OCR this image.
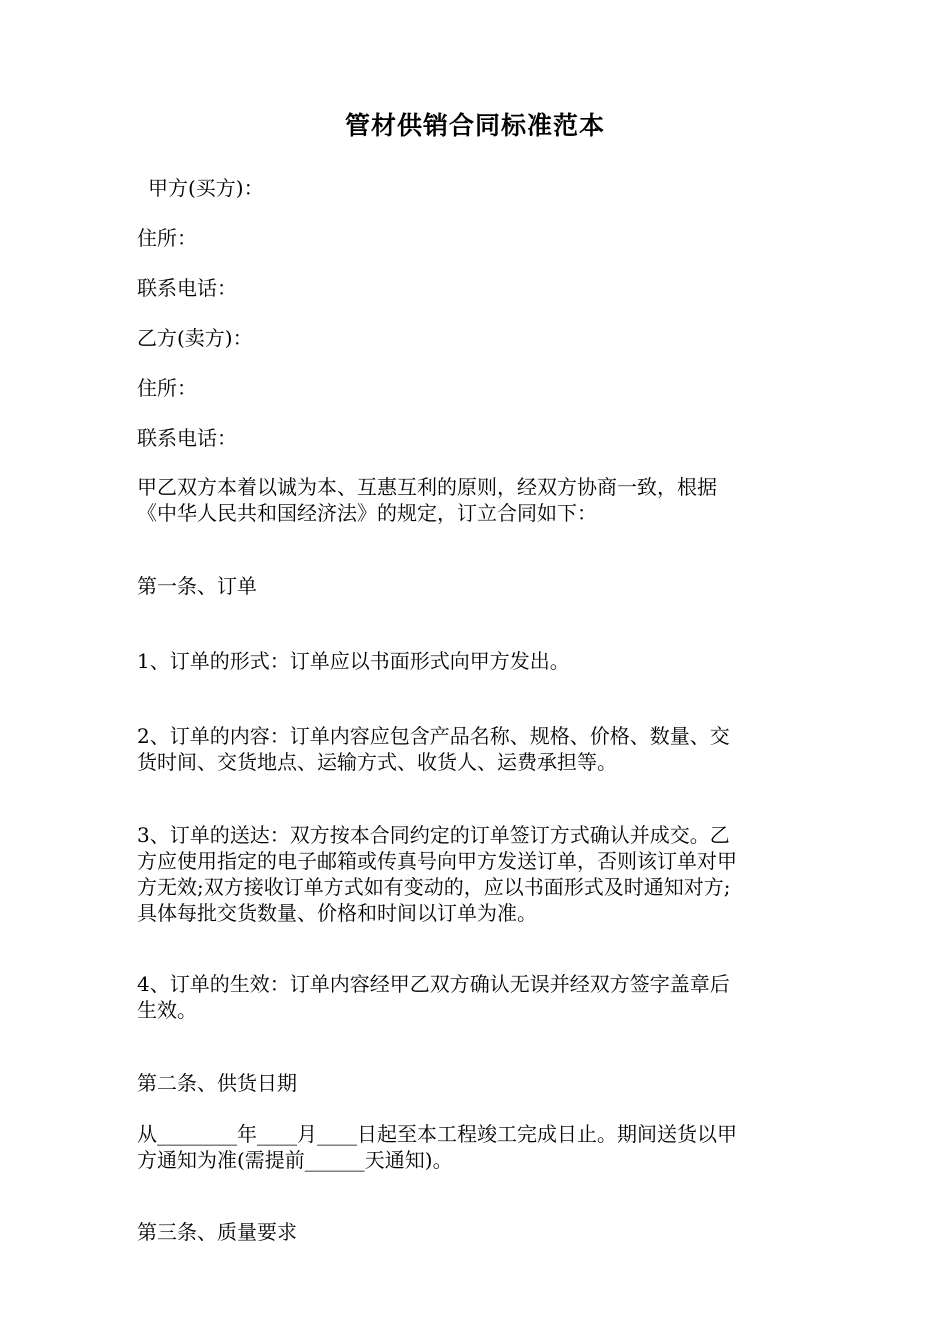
管材供销合同标准范本
甲方(买方)：
住所：
联系电话：
乙方(卖方)：
住所：
联系电话：
甲乙双方本着以诚为本、互惠互利的原则，经双方协商一致，根据
《中华人民共和国经济法》的规定，订立合同如下：
第一条、订单
1、订单的形式：订单应以书面形式向甲方发出。
2、订单的内容：订单内容应包含产品名称、规格、价格、数量、交
货时间、交货地点、运输方式、收货人、运费承担等。
3、订单的送达：双方按本合同约定的订单签订方式确认并成交。乙
方应使用指定的电子邮箱或传真号向甲方发送订单，否则该订单对甲
方无效;双方接收订单方式如有变动的，应以书面形式及时通知对方;
具体每批交货数量、价格和时间以订单为准。
4、订单的生效：订单内容经甲乙双方确认无误并经双方签字盖章后
生效。
第二条、供货日期
从________年____月____日起至本工程竣工完成日止。期间送货以甲
方通知为准(需提前______天通知)。
第三条、质量要求
